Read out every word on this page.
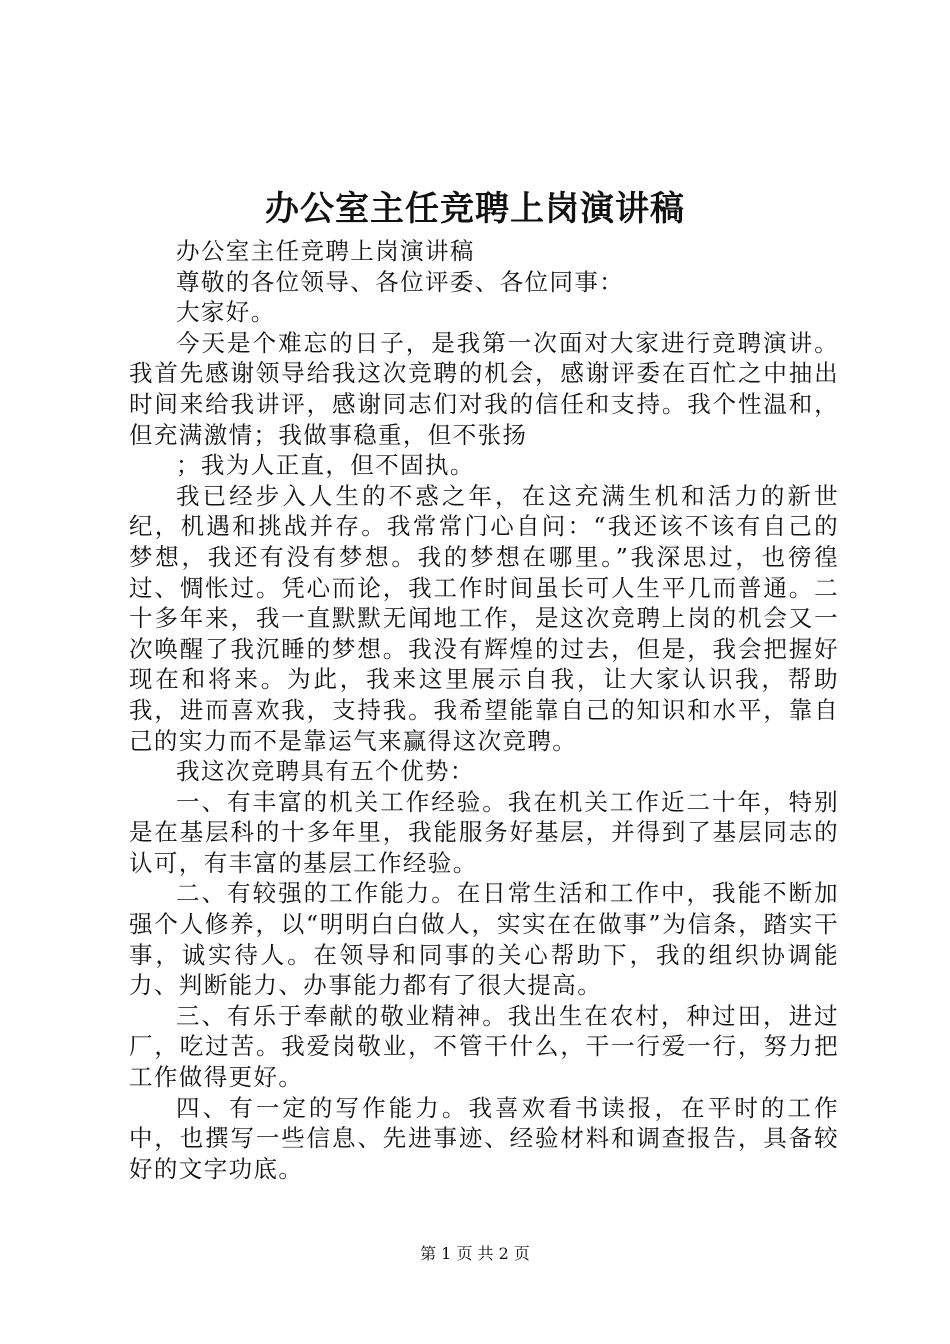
办公室主任竞聘上岗演讲稿

办公室主任竞聘上岗演讲稿

尊敬的各位领导、各位评委、各位同事：

大家好。

今天是个难忘的日子，是我第一次面对大家进行竞聘演讲。我首先感谢领导给我这次竞聘的机会，感谢评委在百忙之中抽出时间来给我讲评，感谢同志们对我的信任和支持。我个性温和，但充满激情；我做事稳重，但不张扬

；我为人正直，但不固执。

我已经步入人生的不惑之年，在这充满生机和活力的新世纪，机遇和挑战并存。我常常门心自问：“我还该不该有自己的梦想，我还有没有梦想。我的梦想在哪里。”我深思过，也徬徨过、惆怅过。凭心而论，我工作时间虽长可人生平几而普通。二十多年来，我一直默默无闻地工作，是这次竞聘上岗的机会又一次唤醒了我沉睡的梦想。我没有辉煌的过去，但是，我会把握好现在和将来。为此，我来这里展示自我，让大家认识我，帮助我，进而喜欢我，支持我。我希望能靠自己的知识和水平，靠自己的实力而不是靠运气来赢得这次竞聘。

我这次竞聘具有五个优势：

一、有丰富的机关工作经验。我在机关工作近二十年，特别是在基层科的十多年里，我能服务好基层，并得到了基层同志的认可，有丰富的基层工作经验。

二、有较强的工作能力。在日常生活和工作中，我能不断加强个人修养，以“明明白白做人，实实在在做事”为信条，踏实干事，诚实待人。在领导和同事的关心帮助下，我的组织协调能力、判断能力、办事能力都有了很大提高。

三、有乐于奉献的敬业精神。我出生在农村，种过田，进过厂，吃过苦。我爱岗敬业，不管干什么，干一行爱一行，努力把工作做得更好。

四、有一定的写作能力。我喜欢看书读报，在平时的工作中，也撰写一些信息、先进事迹、经验材料和调查报告，具备较好的文字功底。

第 1 页 共 2 页
